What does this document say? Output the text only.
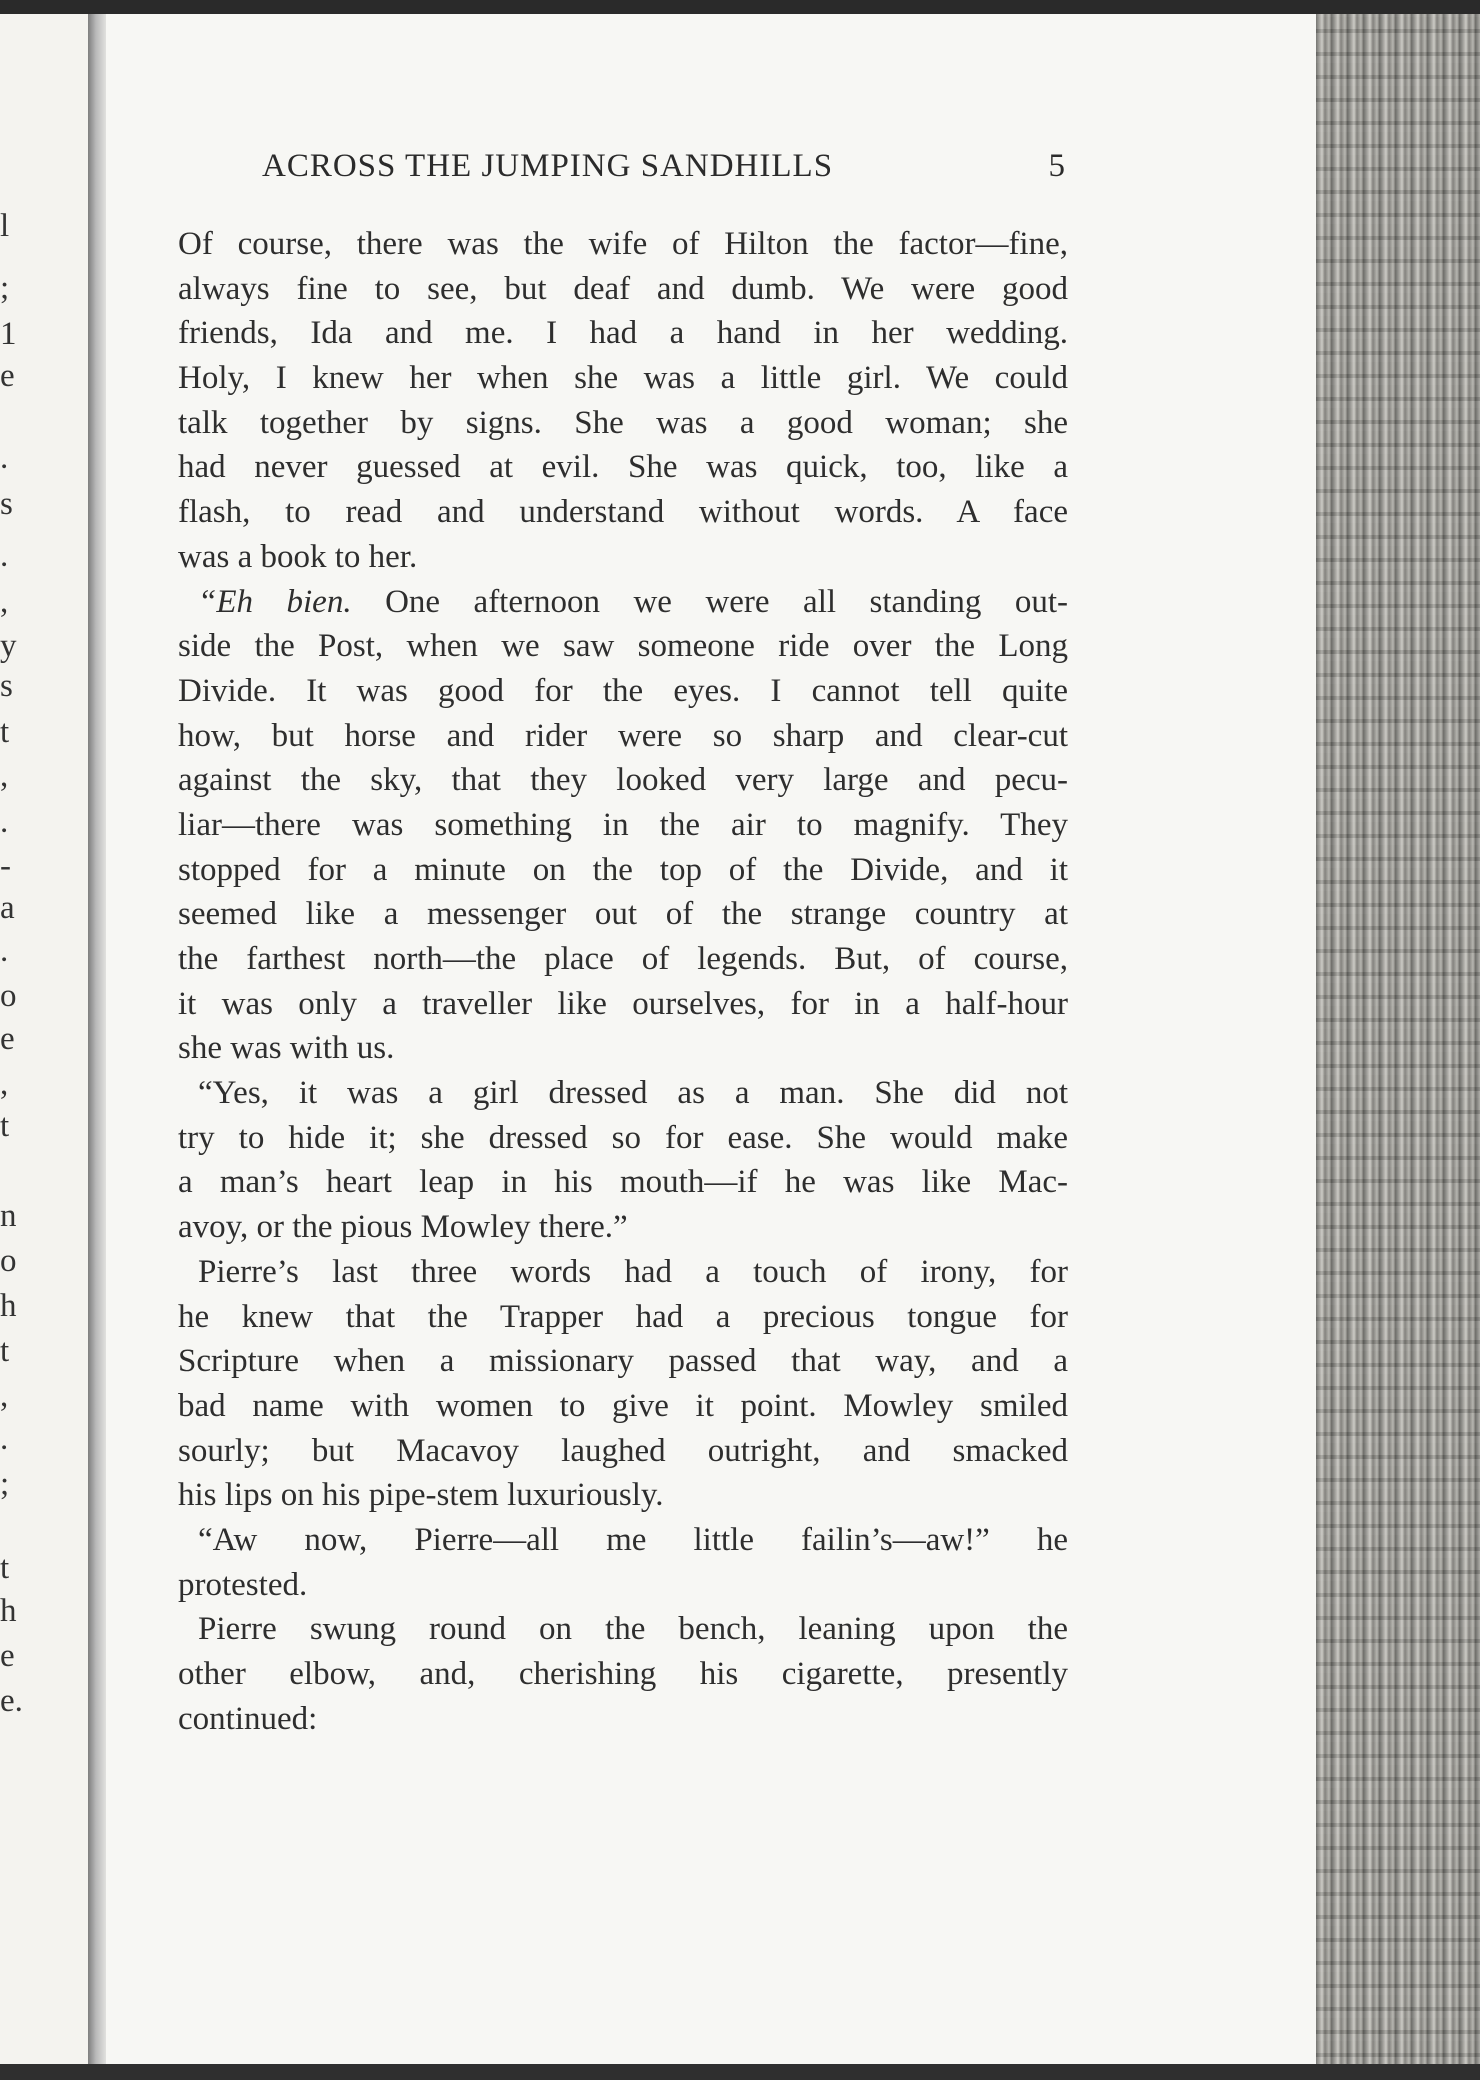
l
;
1
e
.
s
.
,
y
s
t
,
.
-
a
.
o
e
,
t
n
o
h
t
,
.
;
t
h
e
e.
ACROSS THE JUMPING SANDHILLS	5
Of course, there was the wife of Hilton the factor—fine,
always fine to see, but deaf and dumb. We were good
friends, Ida and me. I had a hand in her wedding.
Holy, I knew her when she was a little girl. We could
talk together by signs. She was a good woman; she
had never guessed at evil. She was quick, too, like a
flash, to read and understand without words. A face
was a book to her.
“Eh bien. One afternoon we were all standing out-
side the Post, when we saw someone ride over the Long
Divide. It was good for the eyes. I cannot tell quite
how, but horse and rider were so sharp and clear-cut
against the sky, that they looked very large and pecu-
liar—there was something in the air to magnify. They
stopped for a minute on the top of the Divide, and it
seemed like a messenger out of the strange country at
the farthest north—the place of legends. But, of course,
it was only a traveller like ourselves, for in a half-hour
she was with us.
“Yes, it was a girl dressed as a man. She did not
try to hide it; she dressed so for ease. She would make
a man’s heart leap in his mouth—if he was like Mac-
avoy, or the pious Mowley there.”
Pierre’s last three words had a touch of irony, for
he knew that the Trapper had a precious tongue for
Scripture when a missionary passed that way, and a
bad name with women to give it point. Mowley smiled
sourly; but Macavoy laughed outright, and smacked
his lips on his pipe-stem luxuriously.
“Aw now, Pierre—all me little failin’s—aw!” he
protested.
Pierre swung round on the bench, leaning upon the
other elbow, and, cherishing his cigarette, presently
continued:
